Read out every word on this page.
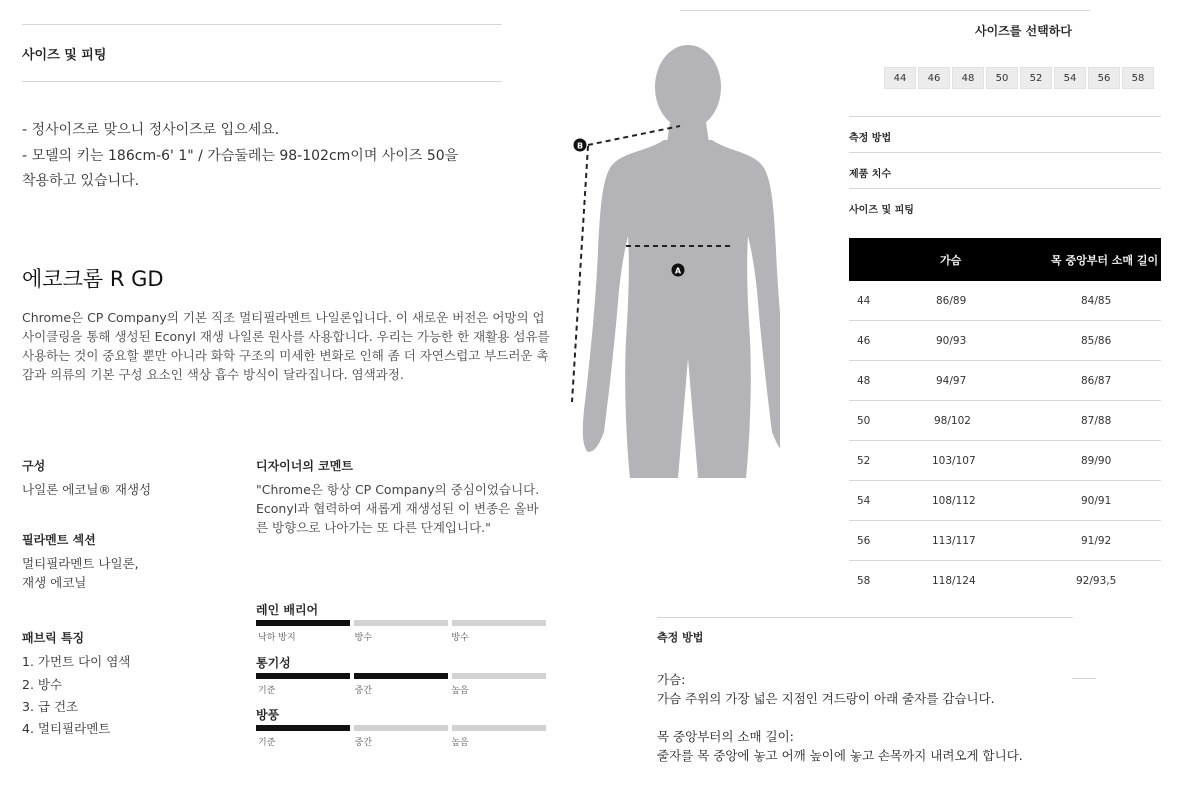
사이즈 및 피팅
- 정사이즈로 맞으니 정사이즈로 입으세요.
- 모델의 키는 186cm-6' 1" / 가슴둘레는 98-102cm이며 사이즈 50을
착용하고 있습니다.
에코크롬 R GD
Chrome은 CP Company의 기본 직조 멀티필라멘트 나일론입니다. 이 새로운 버전은 어망의 업 사이클링을 통해 생성된 Econyl 재생 나일론 원사를 사용합니다. 우리는 가능한 한 재활용 섬유를 사용하는 것이 중요할 뿐만 아니라 화학 구조의 미세한 변화로 인해 좀 더 자연스럽고 부드러운 촉감과 의류의 기본 구성 요소인 색상 흡수 방식이 달라집니다. 염색과정.
구성
나일론 에코닐® 재생성
필라멘트 섹션
멀티필라멘트 나일론,
재생 에코닐
패브릭 특징
1. 가먼트 다이 염색
2. 방수
3. 급 건조
4. 멀티필라멘트
디자이너의 코멘트
"Chrome은 항상 CP Company의 중심이었습니다. Econyl과 협력하여 새롭게 재생성된 이 변종은 올바른 방향으로 나아가는 또 다른 단계입니다."
레인 배리어
낙하 방지	방수	방수
통기성
기준	중간	높음
방풍
기준	중간	높음
A
B
사이즈를 선택하다
44	46	48	50	52	54	56	58
측정 방법
제품 치수
사이즈 및 피팅
가슴	목 중앙부터 소매 길이
44	86/89	84/85
46	90/93	85/86
48	94/97	86/87
50	98/102	87/88
52	103/107	89/90
54	108/112	90/91
56	113/117	91/92
58	118/124	92/93,5
측정 방법
가슴:
가슴 주위의 가장 넓은 지점인 겨드랑이 아래 줄자를 감습니다.
목 중앙부터의 소매 길이:
줄자를 목 중앙에 놓고 어깨 높이에 놓고 손목까지 내려오게 합니다.
